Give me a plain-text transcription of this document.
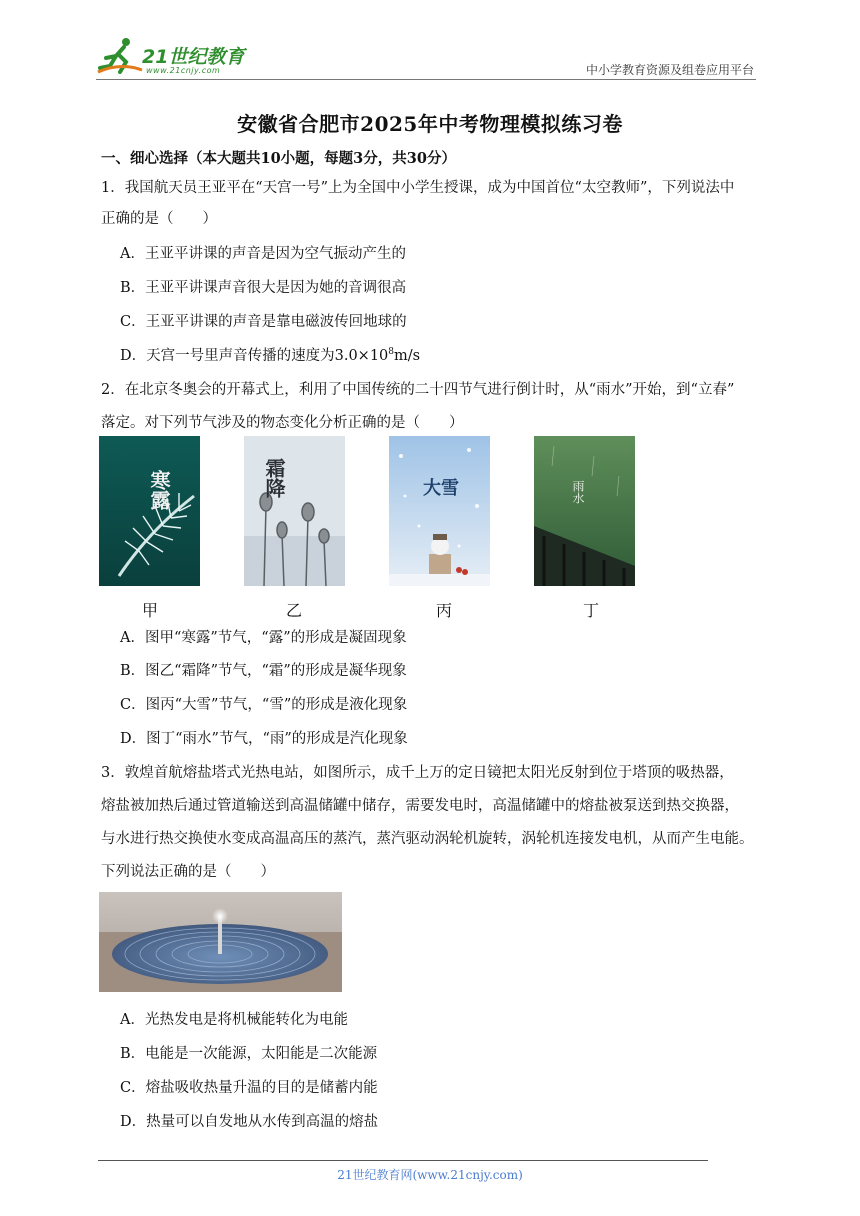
21世纪教育
www.21cnjy.com	中小学教育资源及组卷应用平台
安徽省合肥市2025年中考物理模拟练习卷
一、细心选择（本大题共10小题，每题3分，共30分）
1．我国航天员王亚平在“天宫一号”上为全国中小学生授课，成为中国首位“太空教师”，下列说法中
正确的是（　　）
A．王亚平讲课的声音是因为空气振动产生的
B．王亚平讲课声音很大是因为她的音调很高
C．王亚平讲课的声音是靠电磁波传回地球的
D．天宫一号里声音传播的速度为$3.0\times 10^8m/s$
2．在北京冬奥会的开幕式上，利用了中国传统的二十四节气进行倒计时，从“雨水”开始，到“立春”
落定。对下列节气涉及的物态变化分析正确的是（　　）
寒露	霜降	大雪	雨水
甲	乙	丙	丁
A．图甲“寒露”节气，“露”的形成是凝固现象
B．图乙“霜降”节气，“霜”的形成是凝华现象
C．图丙“大雪”节气，“雪”的形成是液化现象
D．图丁“雨水”节气，“雨”的形成是汽化现象
3．敦煌首航熔盐塔式光热电站，如图所示，成千上万的定日镜把太阳光反射到位于塔顶的吸热器，
熔盐被加热后通过管道输送到高温储罐中储存，需要发电时，高温储罐中的熔盐被泵送到热交换器，
与水进行热交换使水变成高温高压的蒸汽，蒸汽驱动涡轮机旋转，涡轮机连接发电机，从而产生电能。
下列说法正确的是（　　）
A．光热发电是将机械能转化为电能
B．电能是一次能源，太阳能是二次能源
C．熔盐吸收热量升温的目的是储蓄内能
D．热量可以自发地从水传到高温的熔盐
21世纪教育网(www.21cnjy.com)
